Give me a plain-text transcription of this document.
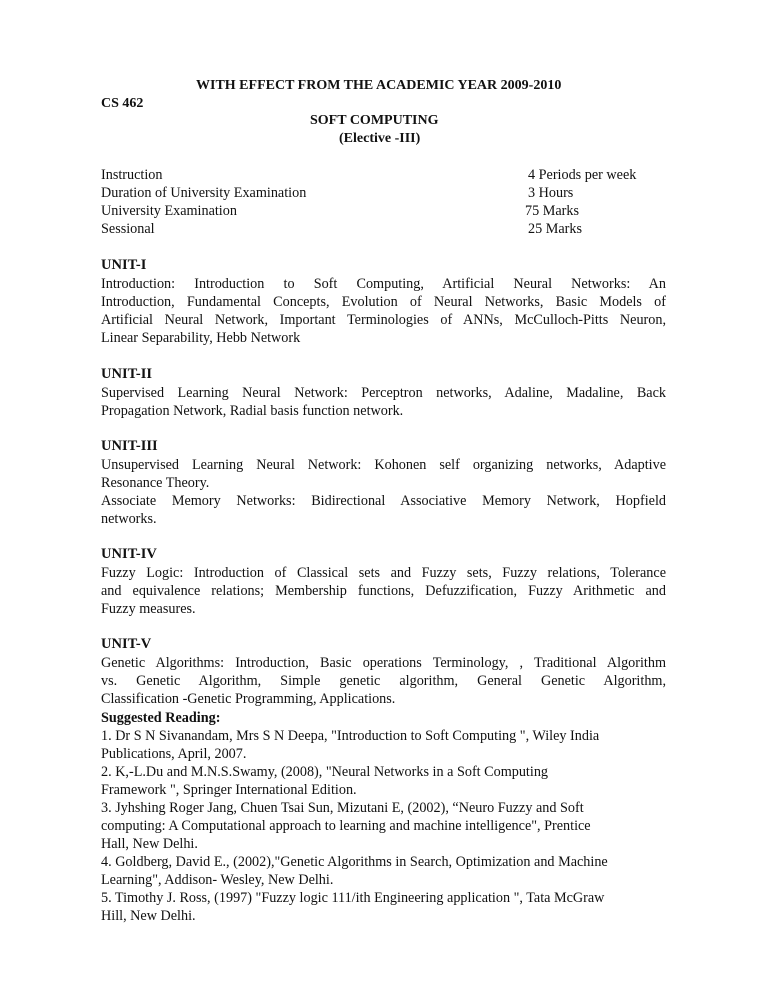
WITH EFFECT FROM THE ACADEMIC YEAR 2009-2010
CS 462
SOFT COMPUTING
(Elective -III)
Instruction	4 Periods per week
Duration of University Examination	3 Hours
University Examination	75 Marks
Sessional	25 Marks
UNIT-I
Introduction: Introduction to Soft Computing, Artificial Neural Networks: An
Introduction, Fundamental Concepts, Evolution of Neural Networks, Basic Models of
Artificial Neural Network, Important Terminologies of ANNs, McCulloch-Pitts Neuron,
Linear Separability, Hebb Network
UNIT-II
Supervised Learning Neural Network: Perceptron networks, Adaline, Madaline, Back
Propagation Network, Radial basis function network.
UNIT-III
Unsupervised Learning Neural Network: Kohonen self organizing networks, Adaptive
Resonance Theory.
Associate Memory Networks: Bidirectional Associative Memory Network, Hopfield
networks.
UNIT-IV
Fuzzy Logic: Introduction of Classical sets and Fuzzy sets, Fuzzy relations, Tolerance
and equivalence relations; Membership functions, Defuzzification, Fuzzy Arithmetic and
Fuzzy measures.
UNIT-V
Genetic Algorithms: Introduction, Basic operations Terminology, , Traditional Algorithm
vs. Genetic Algorithm, Simple genetic algorithm, General Genetic Algorithm,
Classification -Genetic Programming, Applications.
Suggested Reading:
1. Dr S N Sivanandam, Mrs S N Deepa, "Introduction to Soft Computing ", Wiley India
Publications, April, 2007.
2. K,-L.Du and M.N.S.Swamy, (2008), "Neural Networks in a Soft Computing
Framework ", Springer International Edition.
3. Jyhshing Roger Jang, Chuen Tsai Sun, Mizutani E, (2002), “Neuro Fuzzy and Soft
computing: A Computational approach to learning and machine intelligence", Prentice
Hall, New Delhi.
4. Goldberg, David E., (2002),"Genetic Algorithms in Search, Optimization and Machine
Learning", Addison- Wesley, New Delhi.
5. Timothy J. Ross, (1997) "Fuzzy logic 111/ith Engineering application ", Tata McGraw
Hill, New Delhi.
